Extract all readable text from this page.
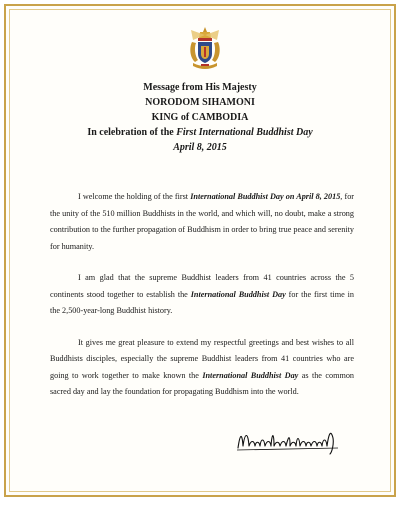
Message from His Majesty
NORODOM SIHAMONI
KING of CAMBODIA
In celebration of the First International Buddhist Day
April 8, 2015

I welcome the holding of the first International Buddhist Day on April 8, 2015, for the unity of the 510 million Buddhists in the world, and which will, no doubt, make a strong contribution to the further propagation of Buddhism in order to bring true peace and serenity for humanity.

I am glad that the supreme Buddhist leaders from 41 countries across the 5 continents stood together to establish the International Buddhist Day for the first time in the 2,500-year-long Buddhist history.

It gives me great pleasure to extend my respectful greetings and best wishes to all Buddhists disciples, especially the supreme Buddhist leaders from 41 countries who are going to work together to make known the International Buddhist Day as the common sacred day and lay the foundation for propagating Buddhism into the world.
